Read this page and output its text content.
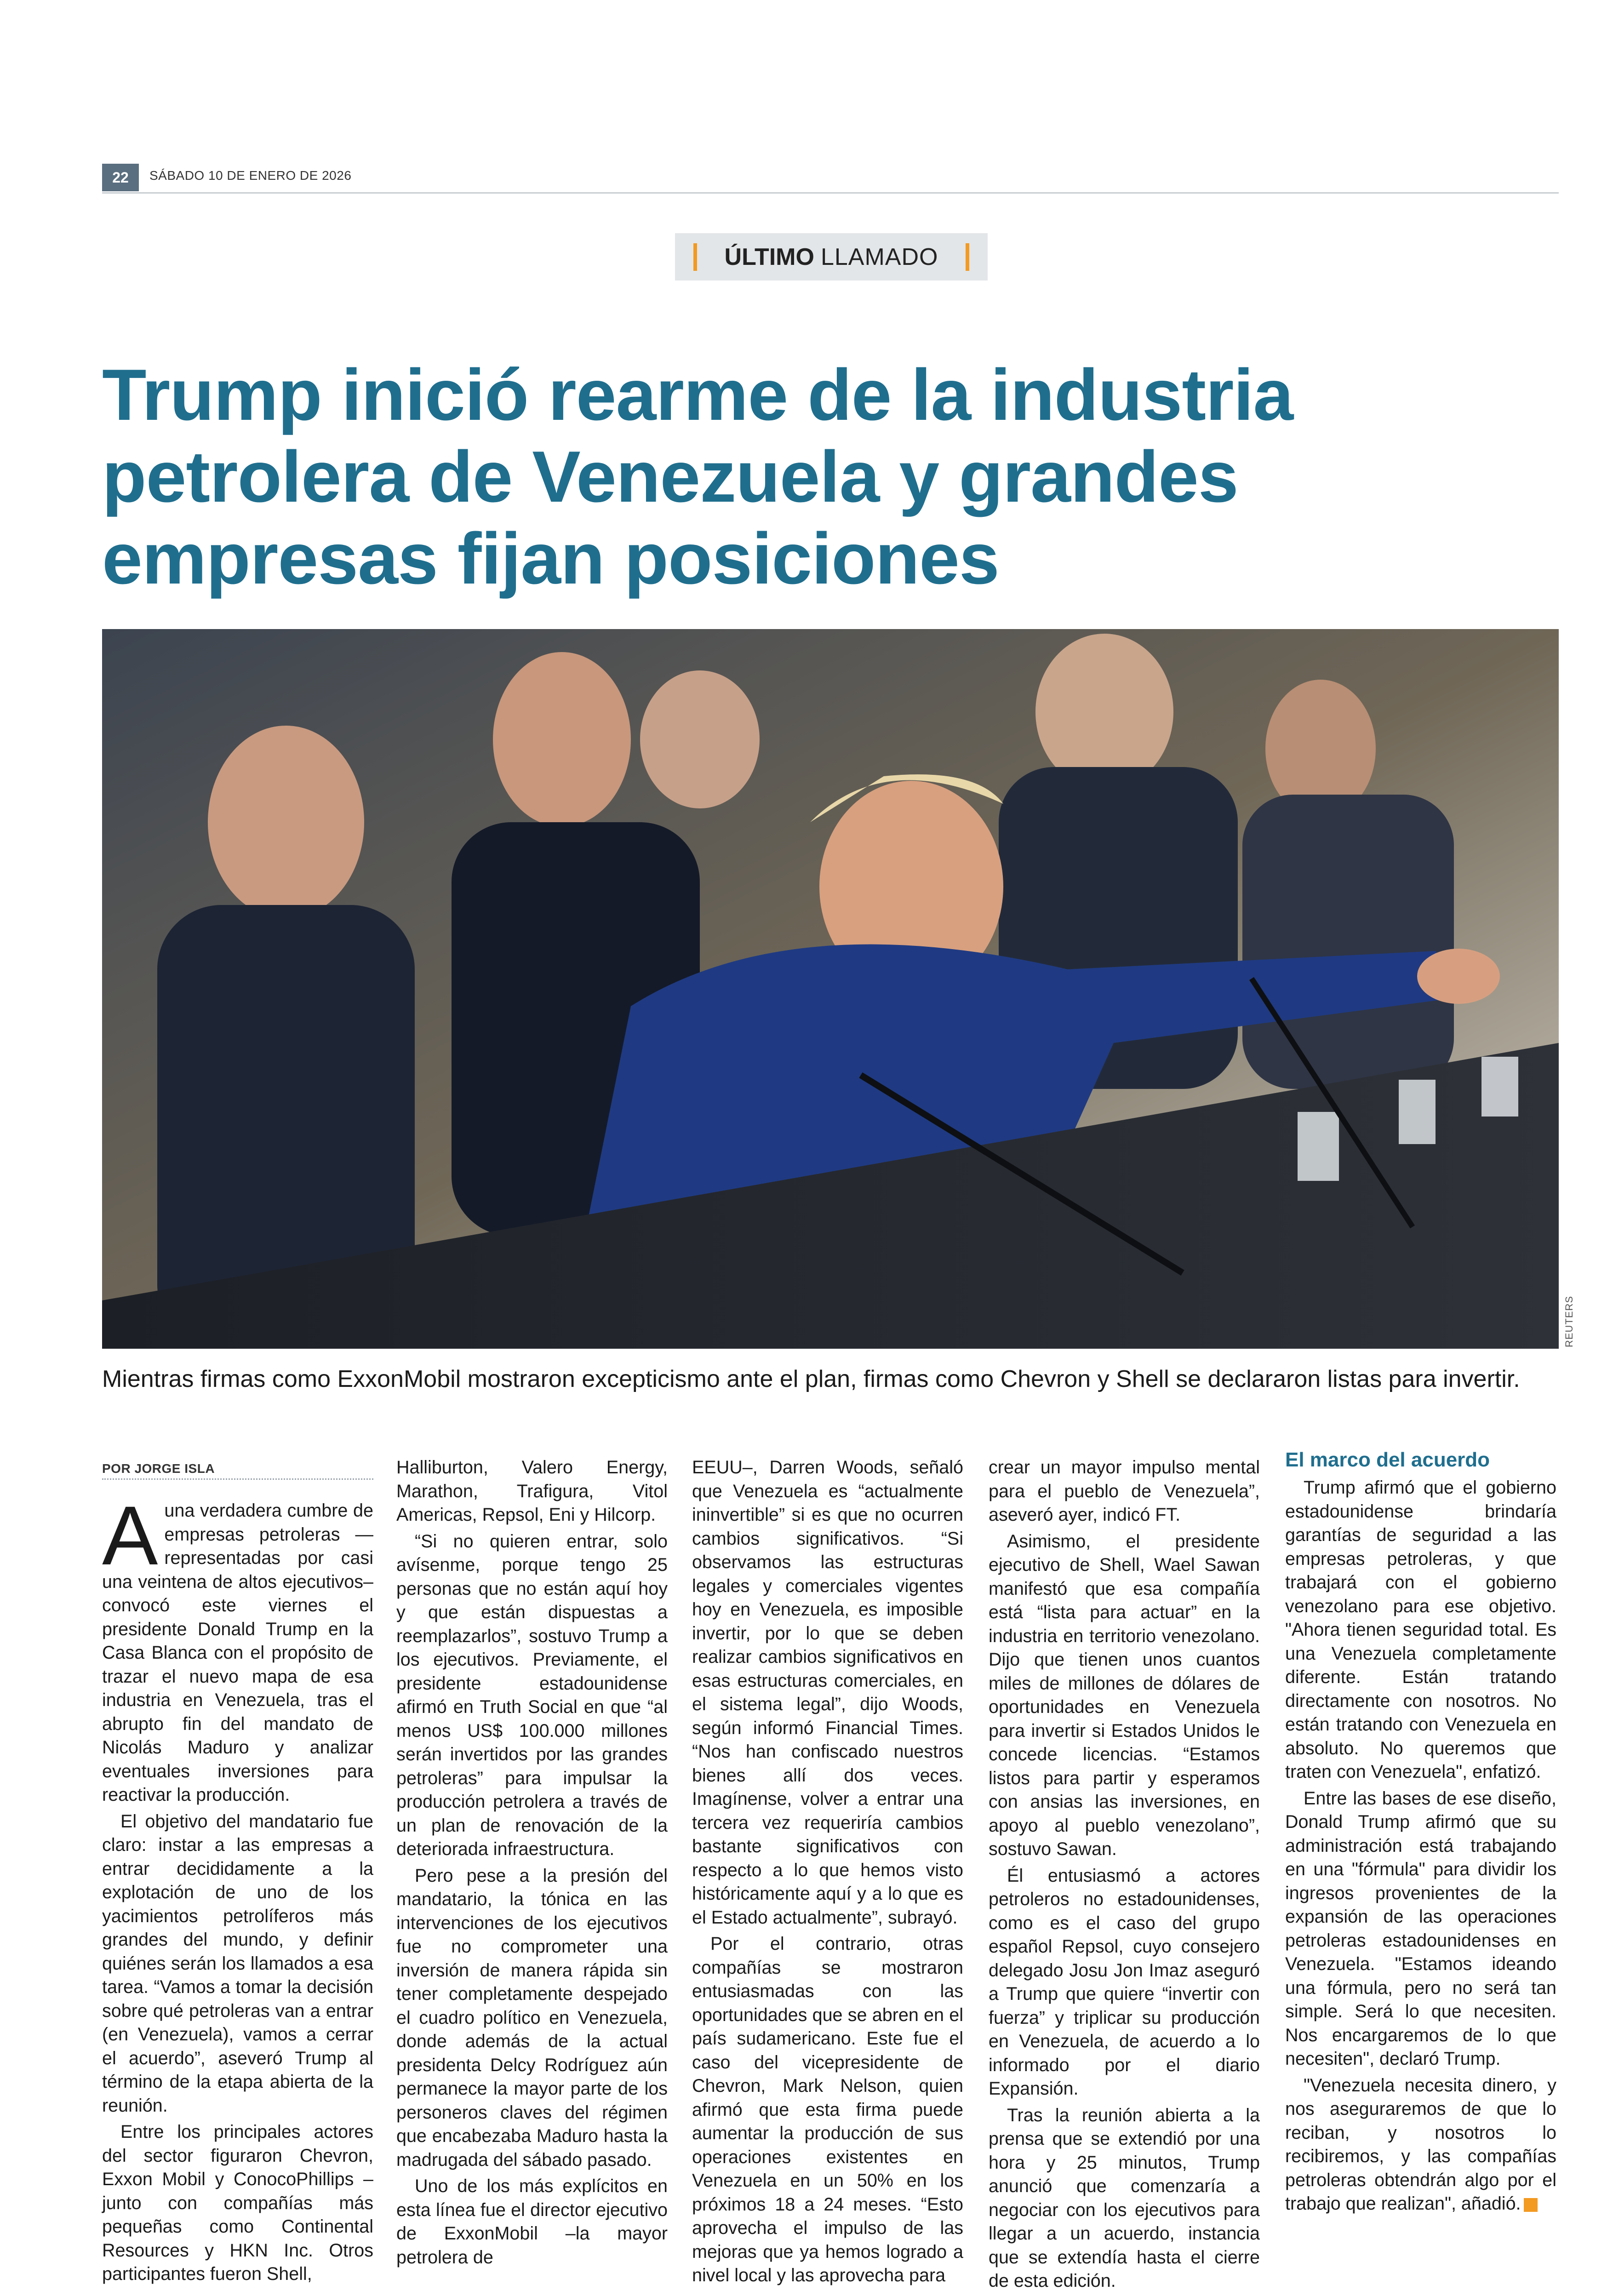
22	SÁBADO 10 DE ENERO DE 2026
ÚLTIMO LLAMADO
Trump inició rearme de la industria petrolera de Venezuela y grandes empresas fijan posiciones
REUTERS
Mientras firmas como ExxonMobil mostraron excepticismo ante el plan, firmas como Chevron y Shell se declararon listas para invertir.
POR JORGE ISLA

Auna verdadera cumbre de empresas petroleras —representadas por casi una veintena de altos ejecutivos– convocó este viernes el presidente Donald Trump en la Casa Blanca con el propósito de trazar el nuevo mapa de esa industria en Venezuela, tras el abrupto fin del mandato de Nicolás Maduro y analizar eventuales inversiones para reactivar la producción.

El objetivo del mandatario fue claro: instar a las empresas a entrar decididamente a la explotación de uno de los yacimientos petrolíferos más grandes del mundo, y definir quiénes serán los llamados a esa tarea. “Vamos a tomar la decisión sobre qué petroleras van a entrar (en Venezuela), vamos a cerrar el acuerdo”, aseveró Trump al término de la etapa abierta de la reunión.

Entre los principales actores del sector figuraron Chevron, Exxon Mobil y ConocoPhillips –junto con compañías más pequeñas como Continental Resources y HKN Inc. Otros participantes fueron Shell,

Halliburton, Valero Energy, Marathon, Trafigura, Vitol Americas, Repsol, Eni y Hilcorp.

“Si no quieren entrar, solo avísenme, porque tengo 25 personas que no están aquí hoy y que están dispuestas a reemplazarlos”, sostuvo Trump a los ejecutivos. Previamente, el presidente estadounidense afirmó en Truth Social en que “al menos US$ 100.000 millones serán invertidos por las grandes petroleras” para impulsar la producción petrolera a través de un plan de renovación de la deteriorada infraestructura.

Pero pese a la presión del mandatario, la tónica en las intervenciones de los ejecutivos fue no comprometer una inversión de manera rápida sin tener completamente despejado el cuadro político en Venezuela, donde además de la actual presidenta Delcy Rodríguez aún permanece la mayor parte de los personeros claves del régimen que encabezaba Maduro hasta la madrugada del sábado pasado.

Uno de los más explícitos en esta línea fue el director ejecutivo de ExxonMobil –la mayor petrolera de

EEUU–, Darren Woods, señaló que Venezuela es “actualmente ininvertible” si es que no ocurren cambios significativos. “Si observamos las estructuras legales y comerciales vigentes hoy en Venezuela, es imposible invertir, por lo que se deben realizar cambios significativos en esas estructuras comerciales, en el sistema legal”, dijo Woods, según informó Financial Times. “Nos han confiscado nuestros bienes allí dos veces. Imagínense, volver a entrar una tercera vez requeriría cambios bastante significativos con respecto a lo que hemos visto históricamente aquí y a lo que es el Estado actualmente”, subrayó.

Por el contrario, otras compañías se mostraron entusiasmadas con las oportunidades que se abren en el país sudamericano. Este fue el caso del vicepresidente de Chevron, Mark Nelson, quien afirmó que esta firma puede aumentar la producción de sus operaciones existentes en Venezuela en un 50% en los próximos 18 a 24 meses. “Esto aprovecha el impulso de las mejoras que ya hemos logrado a nivel local y las aprovecha para

crear un mayor impulso mental para el pueblo de Venezuela”, aseveró ayer, indicó FT.

Asimismo, el presidente ejecutivo de Shell, Wael Sawan manifestó que esa compañía está “lista para actuar” en la industria en territorio venezolano. Dijo que tienen unos cuantos miles de millones de dólares de oportunidades en Venezuela para invertir si Estados Unidos le concede licencias. “Estamos listos para partir y esperamos con ansias las inversiones, en apoyo al pueblo venezolano”, sostuvo Sawan.

Él entusiasmó a actores petroleros no estadounidenses, como es el caso del grupo español Repsol, cuyo consejero delegado Josu Jon Imaz aseguró a Trump que quiere “invertir con fuerza” y triplicar su producción en Venezuela, de acuerdo a lo informado por el diario Expansión.

Tras la reunión abierta a la prensa que se extendió por una hora y 25 minutos, Trump anunció que comenzaría a negociar con los ejecutivos para llegar a un acuerdo, instancia que se extendía hasta el cierre de esta edición.

El marco del acuerdo

Trump afirmó que el gobierno estadounidense brindaría garantías de seguridad a las empresas petroleras, y que trabajará con el gobierno venezolano para ese objetivo. "Ahora tienen seguridad total. Es una Venezuela completamente diferente. Están tratando directamente con nosotros. No están tratando con Venezuela en absoluto. No queremos que traten con Venezuela", enfatizó.

Entre las bases de ese diseño, Donald Trump afirmó que su administración está trabajando en una "fórmula" para dividir los ingresos provenientes de la expansión de las operaciones petroleras estadounidenses en Venezuela. "Estamos ideando una fórmula, pero no será tan simple. Será lo que necesiten. Nos encargaremos de lo que necesiten", declaró Trump.

"Venezuela necesita dinero, y nos aseguraremos de que lo reciban, y nosotros lo recibiremos, y las compañías petroleras obtendrán algo por el trabajo que realizan", añadió. S
